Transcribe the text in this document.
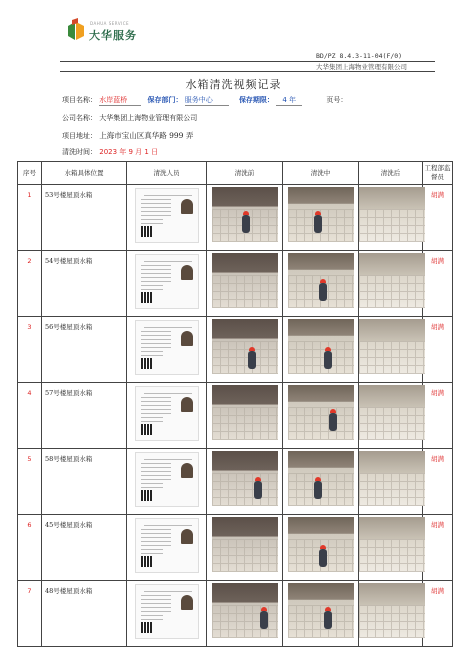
DAHUA SERVICE
大华服务
BD/PZ 8.4.3-11-04(F/0)
大华集团上海物业管理有限公司
水箱清洗视频记录
项目名称： 水岸蓝桥	保存部门： 服务中心	保存期限： 4 年	页号：
公司名称： 大华集团上海物业管理有限公司
项目地址： 上海市宝山区真华路 999 弄
清洗时间： 2023 年 9 月 1 日
序号	水箱具体位置	清洗人员	清洗前	清洗中	清洗后	工程部监督员
1	53号楼屋顶水箱					胡满
2	54号楼屋顶水箱					胡满
3	56号楼屋顶水箱					胡满
4	57号楼屋顶水箱					胡满
5	58号楼屋顶水箱					胡满
6	45号楼屋顶水箱					胡满
7	48号楼屋顶水箱					胡满
